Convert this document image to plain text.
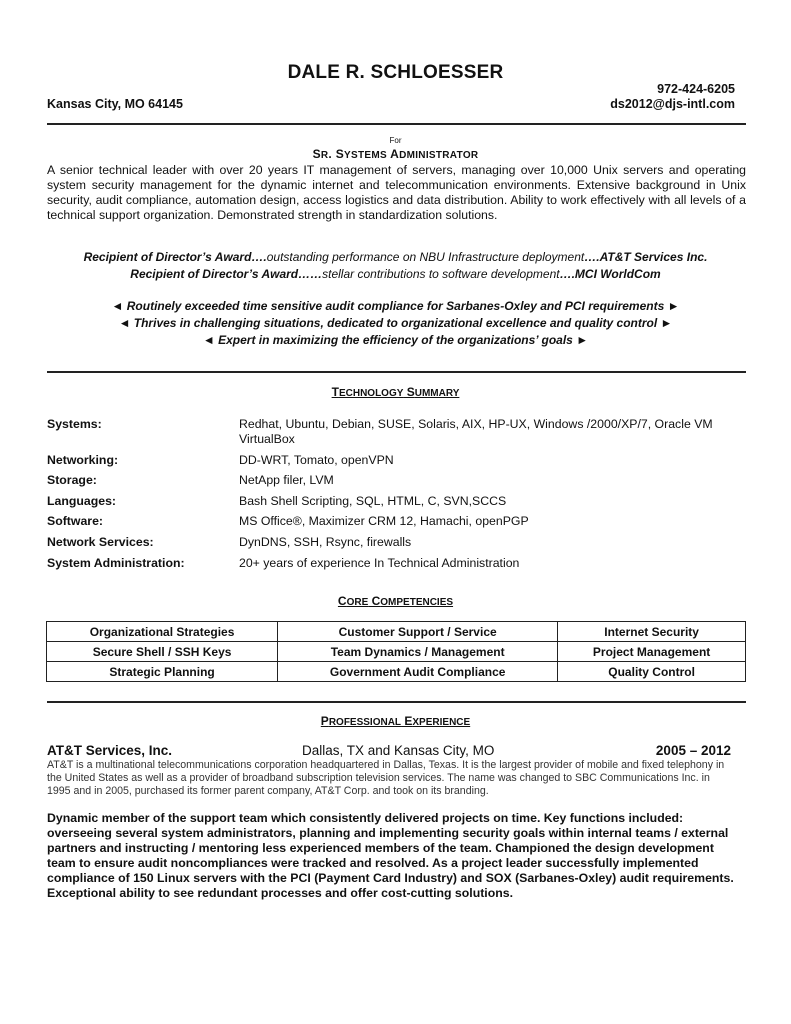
DALE R. SCHLOESSER
Kansas City, MO 64145
972-424-6205
ds2012@djs-intl.com
For
SR. SYSTEMS ADMINISTRATOR
A senior technical leader with over 20 years IT management of servers, managing over 10,000 Unix servers and operating system security management for the dynamic internet and telecommunication environments. Extensive background in Unix security, audit compliance, automation design, access logistics and data distribution. Ability to work effectively with all levels of a technical support organization. Demonstrated strength in standardization solutions.
Recipient of Director’s Award….outstanding performance on NBU Infrastructure deployment….AT&T Services Inc.
Recipient of Director’s Award……stellar contributions to software development….MCI WorldCom
◄ Routinely exceeded time sensitive audit compliance for Sarbanes-Oxley and PCI requirements ►
◄ Thrives in challenging situations, dedicated to organizational excellence and quality control ►
◄ Expert in maximizing the efficiency of the organizations’ goals ►
TECHNOLOGY SUMMARY
Systems:	Redhat, Ubuntu, Debian, SUSE, Solaris, AIX, HP-UX, Windows /2000/XP/7, Oracle VM VirtualBox
Networking:	DD-WRT, Tomato, openVPN
Storage:	NetApp filer, LVM
Languages:	Bash Shell Scripting, SQL, HTML, C, SVN,SCCS
Software:	MS Office®, Maximizer CRM 12, Hamachi, openPGP
Network Services:	DynDNS, SSH, Rsync, firewalls
System Administration:	20+ years of experience In Technical Administration
CORE COMPETENCIES
Organizational Strategies	Customer Support / Service	Internet Security
Secure Shell / SSH Keys	Team Dynamics / Management	Project Management
Strategic Planning	Government Audit Compliance	Quality Control
PROFESSIONAL EXPERIENCE
AT&T Services, Inc.	Dallas, TX and Kansas City, MO	2005 – 2012
AT&T is a multinational telecommunications corporation headquartered in Dallas, Texas. It is the largest provider of mobile and fixed telephony in the United States as well as a provider of broadband subscription television services. The name was changed to SBC Communications Inc. in 1995 and in 2005, purchased its former parent company, AT&T Corp. and took on its branding.
Dynamic member of the support team which consistently delivered projects on time. Key functions included: overseeing several system administrators, planning and implementing security goals within internal teams / external partners and instructing / mentoring less experienced members of the team. Championed the design development team to ensure audit noncompliances were tracked and resolved. As a project leader successfully implemented compliance of 150 Linux servers with the PCI (Payment Card Industry) and SOX (Sarbanes-Oxley) audit requirements. Exceptional ability to see redundant processes and offer cost-cutting solutions.
